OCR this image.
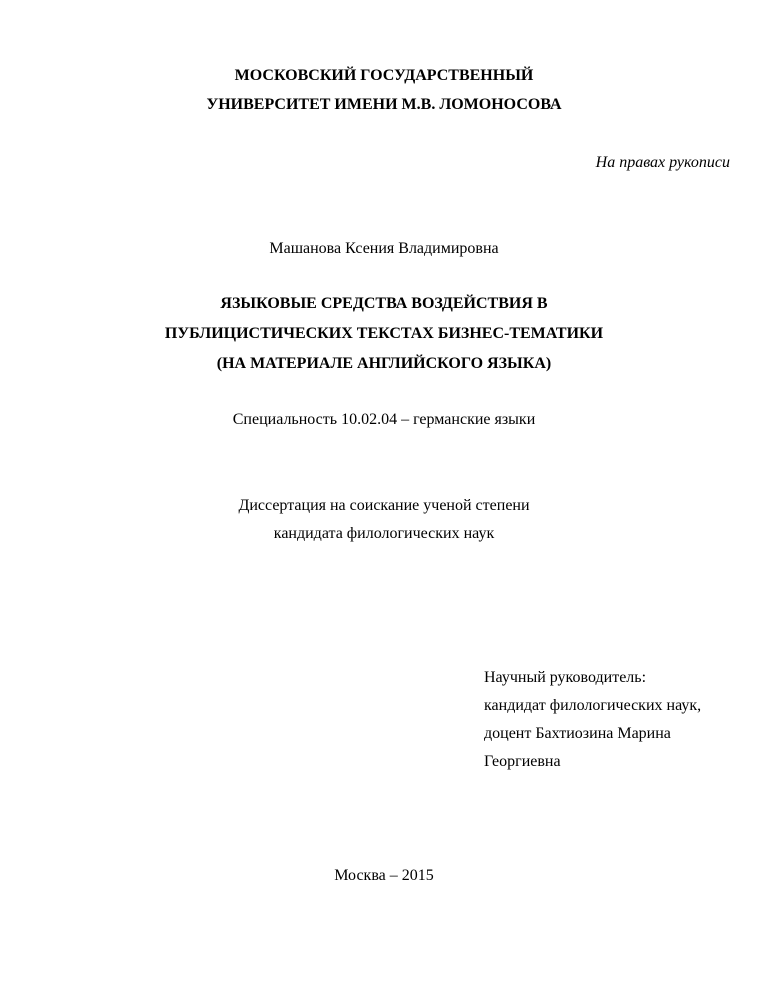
МОСКОВСКИЙ ГОСУДАРСТВЕННЫЙ
УНИВЕРСИТЕТ ИМЕНИ М.В. ЛОМОНОСОВА
На правах рукописи
Машанова Ксения Владимировна
ЯЗЫКОВЫЕ СРЕДСТВА ВОЗДЕЙСТВИЯ В
ПУБЛИЦИСТИЧЕСКИХ ТЕКСТАХ БИЗНЕС-ТЕМАТИКИ
(НА МАТЕРИАЛЕ АНГЛИЙСКОГО ЯЗЫКА)
Специальность 10.02.04 – германские языки
Диссертация на соискание ученой степени
кандидата филологических наук
Научный руководитель:
кандидат филологических наук,
доцент Бахтиозина Марина
Георгиевна
Москва – 2015
